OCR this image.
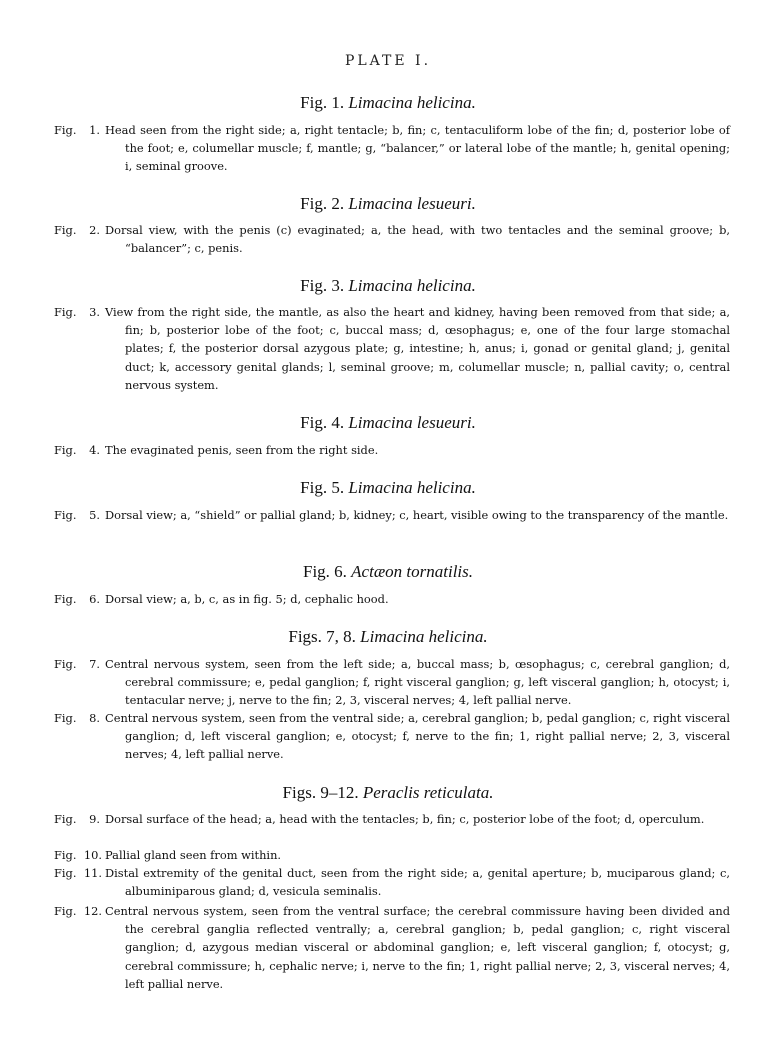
PLATE I.
Fig. 1. Limacina helicina.
Fig.	1. Head seen from the right side; a, right tentacle; b, fin; c, tentaculiform lobe of the fin; d, posterior lobe of the foot; e, columellar muscle; f, mantle; g, “balancer,” or lateral lobe of the mantle; h, genital opening; i, seminal groove.
Fig. 2. Limacina lesueuri.
Fig.	2. Dorsal view, with the penis (c) evaginated; a, the head, with two tentacles and the seminal groove; b, “balancer”; c, penis.
Fig. 3. Limacina helicina.
Fig.	3. View from the right side, the mantle, as also the heart and kidney, having been removed from that side; a, fin; b, posterior lobe of the foot; c, buccal mass; d, œsophagus; e, one of the four large stomachal plates; f, the posterior dorsal azygous plate; g, intestine; h, anus; i, gonad or genital gland; j, genital duct; k, accessory genital glands; l, seminal groove; m, columellar muscle; n, pallial cavity; o, central nervous system.
Fig. 4. Limacina lesueuri.
Fig.	4. The evaginated penis, seen from the right side.
Fig. 5. Limacina helicina.
Fig.	5. Dorsal view; a, “shield” or pallial gland; b, kidney; c, heart, visible owing to the transparency of the mantle.
Fig. 6. Actæon tornatilis.
Fig.	6. Dorsal view; a, b, c, as in fig. 5; d, cephalic hood.
Figs. 7, 8. Limacina helicina.
Fig.	7. Central nervous system, seen from the left side; a, buccal mass; b, œsophagus; c, cerebral ganglion; d, cerebral commissure; e, pedal ganglion; f, right visceral ganglion; g, left visceral ganglion; h, otocyst; i, tentacular nerve; j, nerve to the fin; 2, 3, visceral nerves; 4, left pallial nerve.
Fig.	8. Central nervous system, seen from the ventral side; a, cerebral ganglion; b, pedal ganglion; c, right visceral ganglion; d, left visceral ganglion; e, otocyst; f, nerve to the fin; 1, right pallial nerve; 2, 3, visceral nerves; 4, left pallial nerve.
Figs. 9–12. Peraclis reticulata.
Fig.	9. Dorsal surface of the head; a, head with the tentacles; b, fin; c, posterior lobe of the foot; d, operculum.
Fig. 10. Pallial gland seen from within.
Fig. 11. Distal extremity of the genital duct, seen from the right side; a, genital aperture; b, muciparous gland; c, albuminiparous gland; d, vesicula seminalis.
Fig. 12. Central nervous system, seen from the ventral surface; the cerebral commissure having been divided and the cerebral ganglia reflected ventrally; a, cerebral ganglion; b, pedal ganglion; c, right visceral ganglion; d, azygous median visceral or abdominal ganglion; e, left visceral ganglion; f, otocyst; g, cerebral commissure; h, cephalic nerve; i, nerve to the fin; 1, right pallial nerve; 2, 3, visceral nerves; 4, left pallial nerve.
